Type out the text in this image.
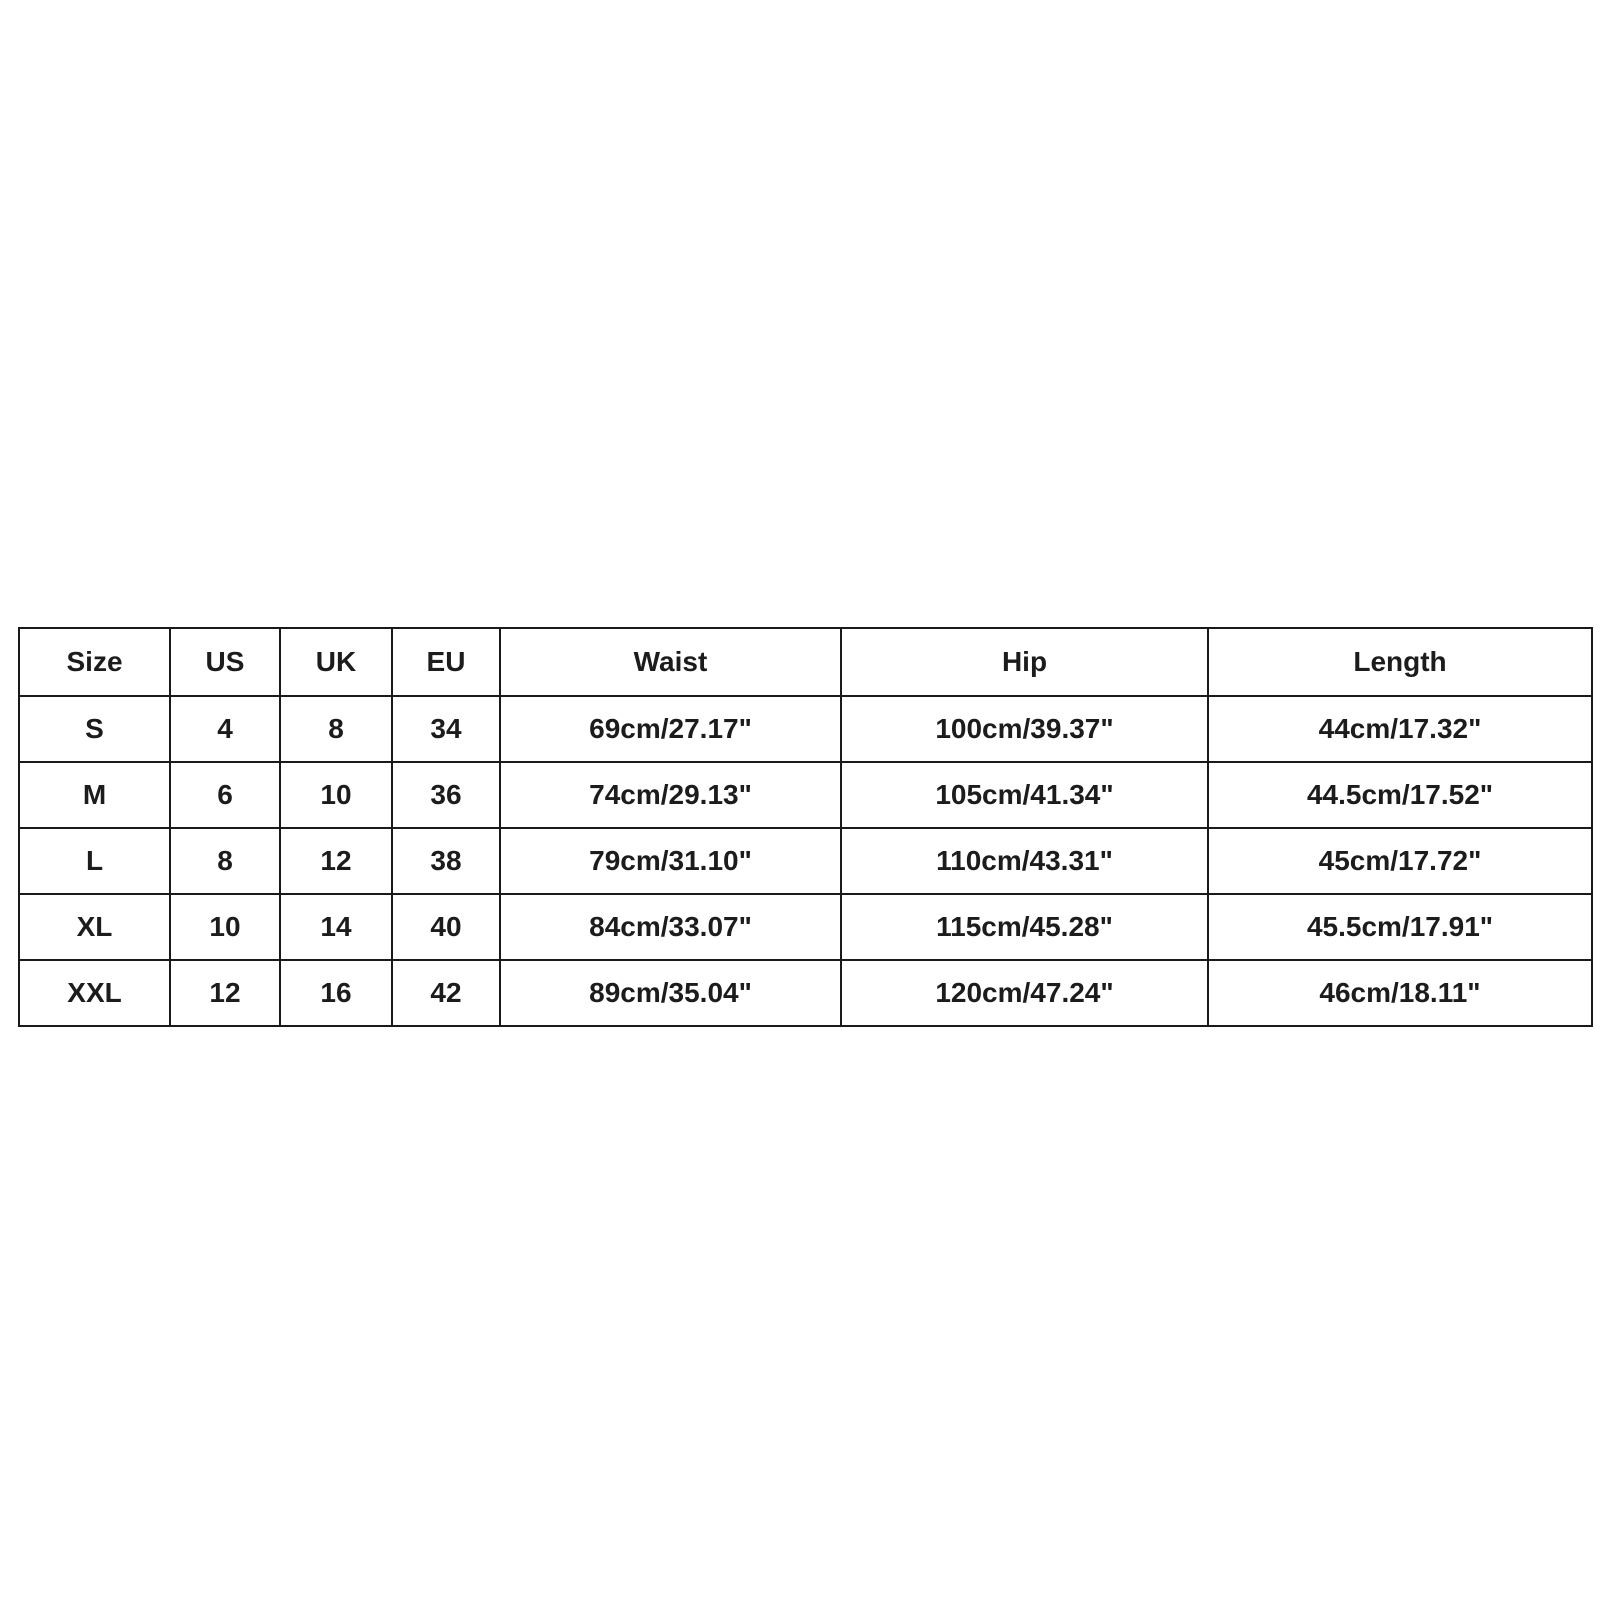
Size	US	UK	EU	Waist	Hip	Length
S	4	8	34	69cm/27.17"	100cm/39.37"	44cm/17.32"
M	6	10	36	74cm/29.13"	105cm/41.34"	44.5cm/17.52"
L	8	12	38	79cm/31.10"	110cm/43.31"	45cm/17.72"
XL	10	14	40	84cm/33.07"	115cm/45.28"	45.5cm/17.91"
XXL	12	16	42	89cm/35.04"	120cm/47.24"	46cm/18.11"
